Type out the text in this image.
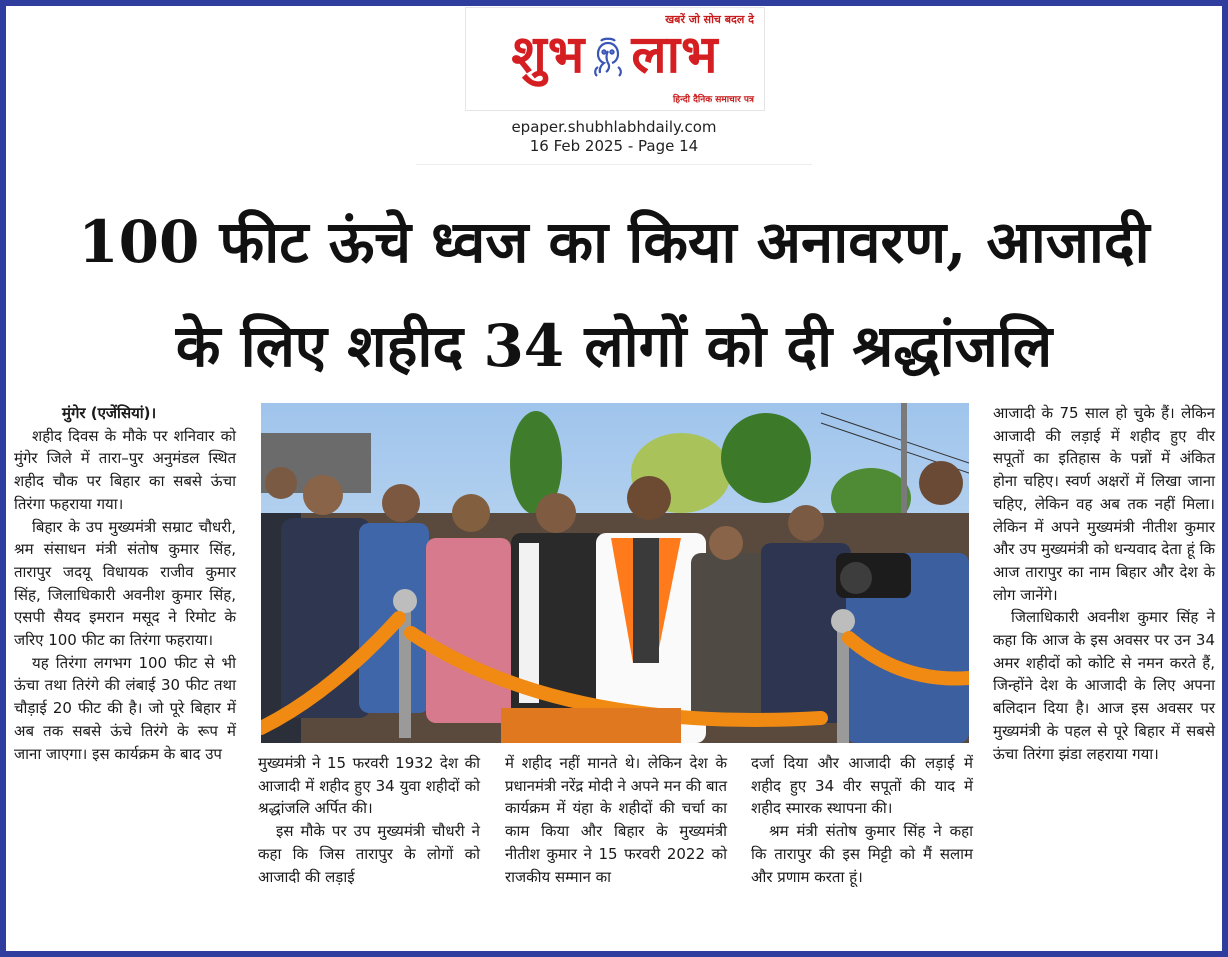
खबरें जो सोच बदल दे
शुभ लाभ
हिन्दी दैनिक समाचार पत्र
epaper.shubhlabhdaily.com
16 Feb 2025 - Page 14
100 फीट ऊंचे ध्वज का किया अनावरण, आजादी
के लिए शहीद 34 लोगों को दी श्रद्धांजलि

मुंगेर (एजेंसियां)।

शहीद दिवस के मौके पर शनिवार को मुंगेर जिले में तारा–पुर अनुमंडल स्थित शहीद चौक पर बिहार का सबसे ऊंचा तिरंगा फहराया गया।

बिहार के उप मुख्यमंत्री सम्राट चौधरी, श्रम संसाधन मंत्री संतोष कुमार सिंह, तारापुर जदयू विधायक राजीव कुमार सिंह, जिलाधिकारी अवनीश कुमार सिंह, एसपी सैयद इमरान मसूद ने रिमोट के जरिए 100 फीट का तिरंगा फहराया।

यह तिरंगा लगभग 100 फीट से भी ऊंचा तथा तिरंगे की लंबाई 30 फीट तथा चौड़ाई 20 फीट की है। जो पूरे बिहार में अब तक सबसे ऊंचे तिरंगे के रूप में जाना जाएगा। इस कार्यक्रम के बाद उप

मुख्यमंत्री ने 15 फरवरी 1932 देश की आजादी में शहीद हुए 34 युवा शहीदों को श्रद्धांजलि अर्पित की।

इस मौके पर उप मुख्यमंत्री चौधरी ने कहा कि जिस तारापुर के लोगों को आजादी की लड़ाई

में शहीद नहीं मानते थे। लेकिन देश के प्रधानमंत्री नरेंद्र मोदी ने अपने मन की बात कार्यक्रम में यंहा के शहीदों की चर्चा का काम किया और बिहार के मुख्यमंत्री नीतीश कुमार ने 15 फरवरी 2022 को राजकीय सम्मान का

दर्जा दिया और आजादी की लड़ाई में शहीद हुए 34 वीर सपूतों की याद में शहीद स्मारक स्थापना की।

श्रम मंत्री संतोष कुमार सिंह ने कहा कि तारापुर की इस मिट्टी को मैं सलाम और प्रणाम करता हूं।

आजादी के 75 साल हो चुके हैं। लेकिन आजादी की लड़ाई में शहीद हुए वीर सपूतों का इतिहास के पन्नों में अंकित होना चहिए। स्वर्ण अक्षरों में लिखा जाना चहिए, लेकिन वह अब तक नहीं मिला। लेकिन में अपने मुख्यमंत्री नीतीश कुमार और उप मुख्यमंत्री को धन्यवाद देता हूं कि आज तारापुर का नाम बिहार और देश के लोग जानेंगे।

जिलाधिकारी अवनीश कुमार सिंह ने कहा कि आज के इस अवसर पर उन 34 अमर शहीदों को कोटि से नमन करते हैं, जिन्होंने देश के आजादी के लिए अपना बलिदान दिया है। आज इस अवसर पर मुख्यमंत्री के पहल से पूरे बिहार में सबसे ऊंचा तिरंगा झंडा लहराया गया।
